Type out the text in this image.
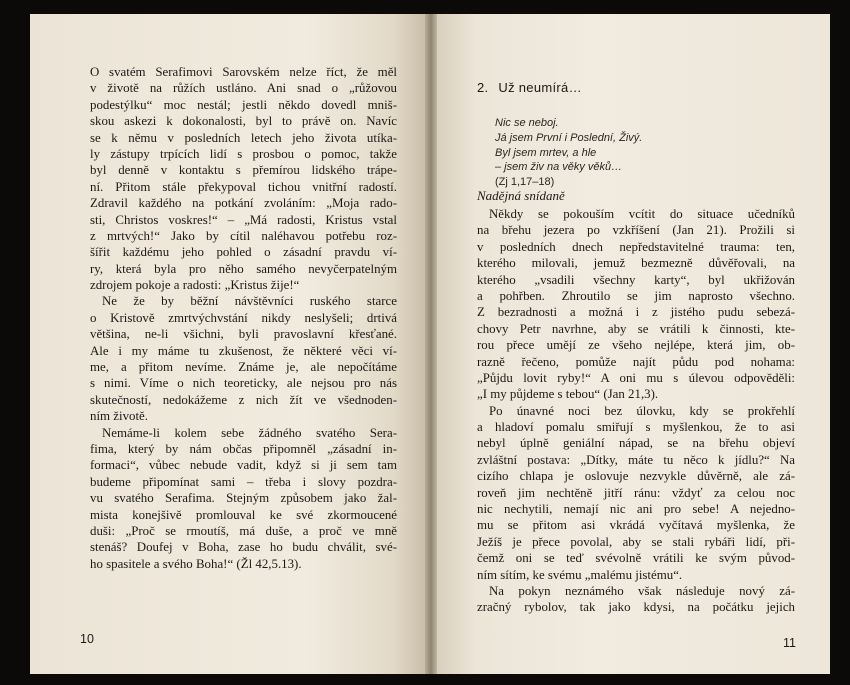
O svatém Serafimovi Sarovském nelze říct, že měl
v životě na růžích ustláno. Ani snad o „růžovou
podestýlku“ moc nestál; jestli někdo dovedl mniš-
skou askezi k dokonalosti, byl to právě on. Navíc
se k němu v posledních letech jeho života utíka-
ly zástupy trpících lidí s prosbou o pomoc, takže
byl denně v kontaktu s přemírou lidského trápe-
ní. Přitom stále překypoval tichou vnitřní radostí.
Zdravil každého na potkání zvoláním: „Moja rado-
sti, Christos voskres!“ – „Má radosti, Kristus vstal
z mrtvých!“ Jako by cítil naléhavou potřebu roz-
šířit každému jeho pohled o zásadní pravdu ví-
ry, která byla pro něho samého nevyčerpatelným
zdrojem pokoje a radosti: „Kristus žije!“
Ne že by běžní návštěvníci ruského starce
o Kristově zmrtvýchvstání nikdy neslyšeli; drtivá
většina, ne-li všichni, byli pravoslavní křesťané.
Ale i my máme tu zkušenost, že některé věci ví-
me, a přitom nevíme. Známe je, ale nepočítáme
s nimi. Víme o nich teoreticky, ale nejsou pro nás
skutečností, nedokážeme z nich žít ve všednoden-
ním životě.
Nemáme-li kolem sebe žádného svatého Sera-
fima, který by nám občas připomněl „zásadní in-
formaci“, vůbec nebude vadit, když si ji sem tam
budeme připomínat sami – třeba i slovy pozdra-
vu svatého Serafima. Stejným způsobem jako žal-
mista konejšivě promlouval ke své zkormoucené
duši: „Proč se rmoutíš, má duše, a proč ve mně
stenáš? Doufej v Boha, zase ho budu chválit, své-
ho spasitele a svého Boha!“ (Žl 42,5.13).
10
2. Už neumírá…
Nic se neboj.
Já jsem První i Poslední, Živý.
Byl jsem mrtev, a hle
– jsem živ na věky věků…
(Zj 1,17–18)
Nadějná snídaně
Někdy se pokouším vcítit do situace učedníků
na břehu jezera po vzkříšení (Jan 21). Prožili si
v posledních dnech nepředstavitelné trauma: ten,
kterého milovali, jemuž bezmezně důvěřovali, na
kterého „vsadili všechny karty“, byl ukřižován
a pohřben. Zhroutilo se jim naprosto všechno.
Z bezradnosti a možná i z jistého pudu sebezá-
chovy Petr navrhne, aby se vrátili k činnosti, kte-
rou přece umějí ze všeho nejlépe, která jim, ob-
razně řečeno, pomůže najít půdu pod nohama:
„Půjdu lovit ryby!“ A oni mu s úlevou odpověděli:
„I my půjdeme s tebou“ (Jan 21,3).
Po únavné noci bez úlovku, kdy se prokřehlí
a hladoví pomalu smiřují s myšlenkou, že to asi
nebyl úplně geniální nápad, se na břehu objeví
zvláštní postava: „Dítky, máte tu něco k jídlu?“ Na
cizího chlapa je oslovuje nezvykle důvěrně, ale zá-
roveň jim nechtěně jitří ránu: vždyť za celou noc
nic nechytili, nemají nic ani pro sebe! A nejedno-
mu se přitom asi vkrádá vyčítavá myšlenka, že
Ježíš je přece povolal, aby se stali rybáři lidí, při-
čemž oni se teď svévolně vrátili ke svým původ-
ním sítím, ke svému „malému jistému“.
Na pokyn neznámého však následuje nový zá-
zračný rybolov, tak jako kdysi, na počátku jejich
11
